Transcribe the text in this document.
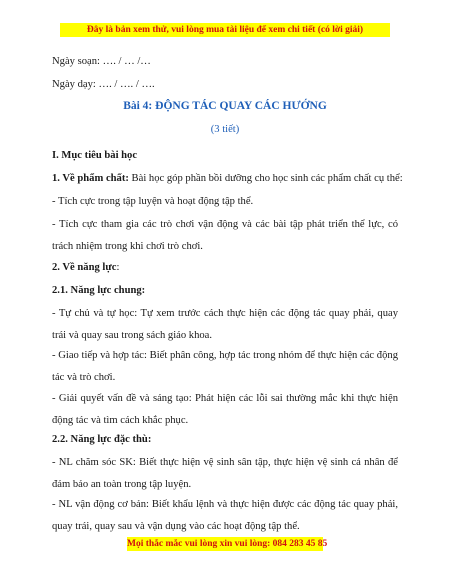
Đây là bản xem thử, vui lòng mua tài liệu để xem chi tiết (có lời giải)
Ngày soạn: …. / … /…
Ngày dạy: …. / …. / ….
Bài 4: ĐỘNG TÁC QUAY CÁC HƯỚNG
(3 tiết)
I. Mục tiêu bài học
1. Về phẩm chất: Bài học góp phần bồi dưỡng cho học sinh các phẩm chất cụ thể:
- Tích cực trong tập luyện và hoạt động tập thể.
- Tích cực tham gia các trò chơi vận động và các bài tập phát triển thể lực, có trách nhiệm trong khi chơi trò chơi.
2. Về năng lực:
2.1. Năng lực chung:
- Tự chủ và tự học: Tự xem trước cách thực hiện các động tác quay phải, quay trái và quay sau trong sách giáo khoa.
- Giao tiếp và hợp tác: Biết phân công, hợp tác trong nhóm để thực hiện các động tác và trò chơi.
- Giải quyết vấn đề và sáng tạo: Phát hiện các lỗi sai thường mắc khi thực hiện động tác và tìm cách khắc phục.
2.2. Năng lực đặc thù:
- NL chăm sóc SK: Biết thực hiện vệ sinh sân tập, thực hiện vệ sinh cá nhân để đảm bảo an toàn trong tập luyện.
- NL vận động cơ bản: Biết khẩu lệnh và thực hiện được các động tác quay phải, quay trái, quay sau và vận dụng vào các hoạt động tập thể.
Mọi thắc mắc vui lòng xin vui lòng: 084 283 45 85
